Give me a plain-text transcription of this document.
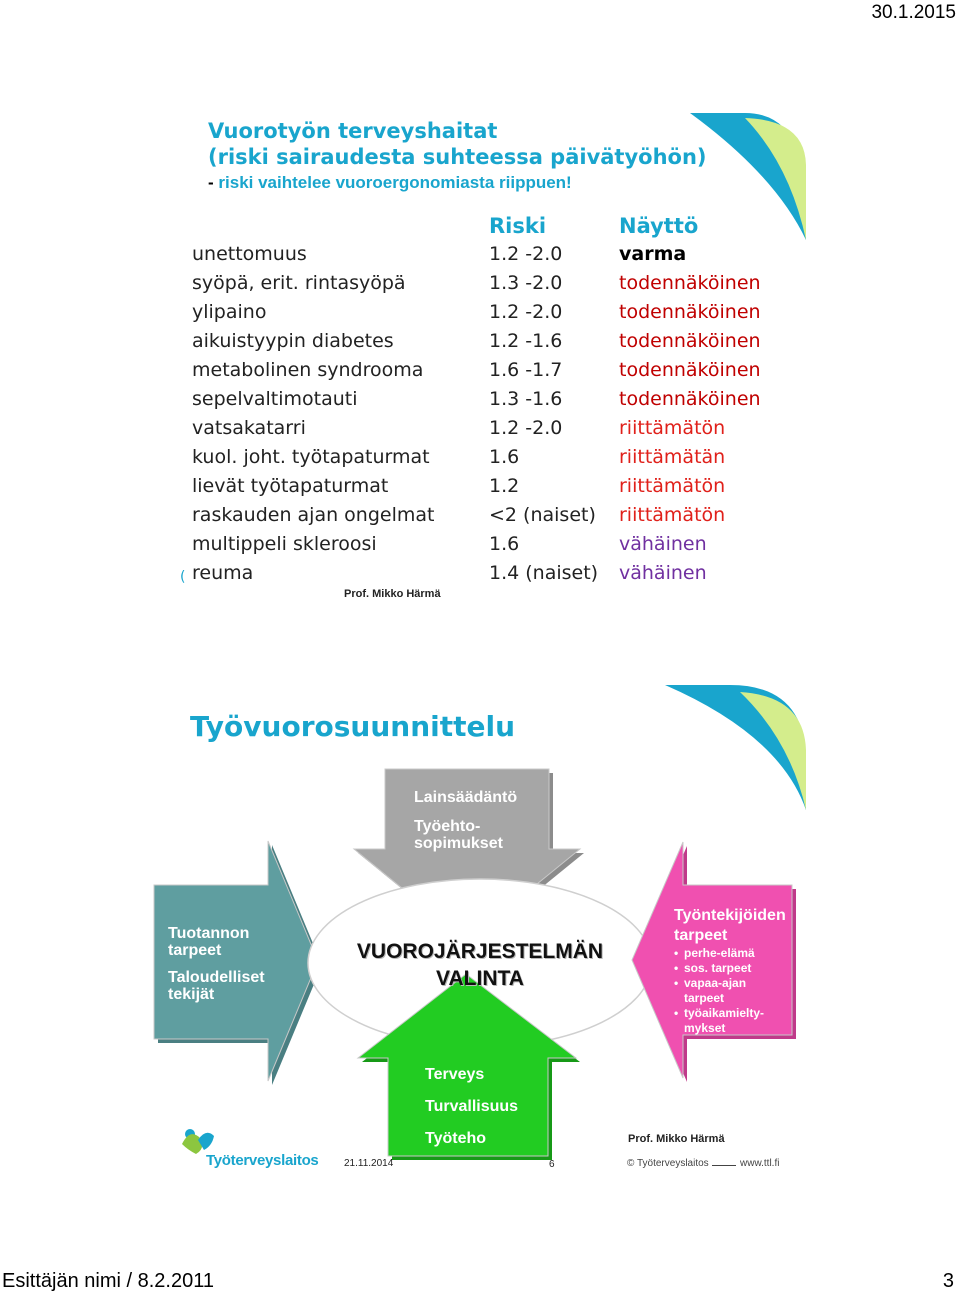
30.1.2015
Esittäjän nimi / 8.2.2011	3
(
Vuorotyön terveyshaitat
(riski sairaudesta suhteessa päivätyöhön)
- riski vaihtelee vuoroergonomiasta riippuen!
Riski	Näyttö
unettomuus	1.2 -2.0	varma
syöpä, erit. rintasyöpä	1.3 -2.0	todennäköinen
ylipaino	1.2 -2.0	todennäköinen
aikuistyypin diabetes	1.2 -1.6	todennäköinen
metabolinen syndrooma	1.6 -1.7	todennäköinen
sepelvaltimotauti	1.3 -1.6	todennäköinen
vatsakatarri	1.2 -2.0	riittämätön
kuol. joht. työtapaturmat	1.6	riittämätän
lievät työtapaturmat	1.2	riittämätön
raskauden ajan ongelmat	<2 (naiset) riittämätön
multippeli skleroosi	1.6	vähäinen
reuma	1.4 (naiset) vähäinen
Prof. Mikko Härmä
Työvuorosuunnittelu
Lainsäädäntö
Työehto-
sopimukset
Tuotannon
tarpeet
Taloudelliset
tekijät
VUOROJÄRJESTELMÄN
VALINTA
Työntekijöiden
tarpeet
• perhe-elämä
• sos. tarpeet
• vapaa-ajan
tarpeet
• työaikamielty-
mykset
Terveys
Turvallisuus
Työteho
Työterveyslaitos	21.11.2014	6	© Työterveyslaitos	www.ttl.fi
Prof. Mikko Härmä
